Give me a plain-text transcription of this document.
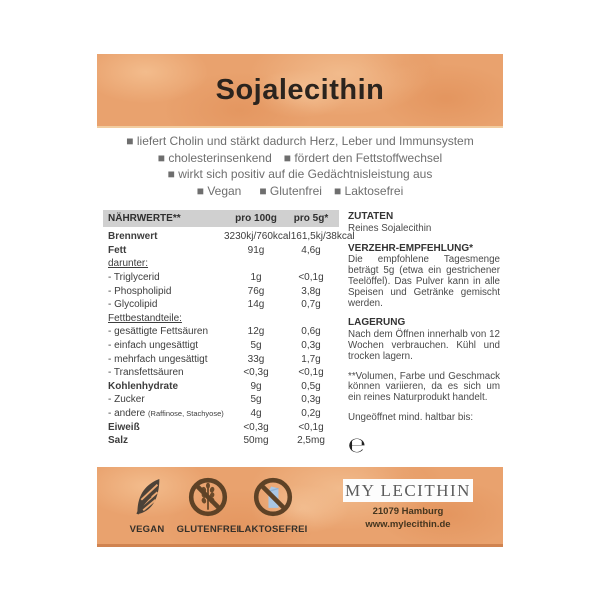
Sojalecithin
■ liefert Cholin und stärkt dadurch Herz, Leber und Immunsystem
■ cholesterinsenkend  ■ fördert den Fettstoffwechsel
■ wirkt sich positiv auf die Gedächtnisleistung aus
■ Vegan   ■ Glutenfrei  ■ Laktosefrei
NÄHRWERTE**	pro 100g	pro 5g*
Brennwert	3230kj/760kcal 161,5kj/38kcal
Fett	91g	4,6g
darunter:
- Triglycerid	1g	<0,1g
- Phospholipid	76g	3,8g
- Glycolipid	14g	0,7g
Fettbestandteile:
- gesättigte Fettsäuren	12g	0,6g
- einfach ungesättigt	5g	0,3g
- mehrfach ungesättigt	33g	1,7g
- Transfettsäuren	<0,3g	<0,1g
Kohlenhydrate	9g	0,5g
- Zucker	5g	0,3g
- andere (Raffinose, Stachyose)	4g	0,2g
Eiweiß	<0,3g	<0,1g
Salz	50mg	2,5mg
ZUTATEN

Reines Sojalecithin

VERZEHR-EMPFEHLUNG*

Die empfohlene Tagesmenge beträgt 5g (etwa ein gestrichener Teelöffel). Das Pulver kann in alle Speisen und Getränke gemischt werden.

LAGERUNG

Nach dem Öffnen innerhalb von 12 Wochen verbrauchen. Kühl und trocken lagern.

**Volumen, Farbe und Geschmack können variieren, da es sich um ein reines Naturprodukt handelt.

Ungeöffnet mind. haltbar bis:

℮
VEGAN GLUTENFREI LAKTOSEFREI
MY LECITHIN
21079 Hamburg
www.mylecithin.de
